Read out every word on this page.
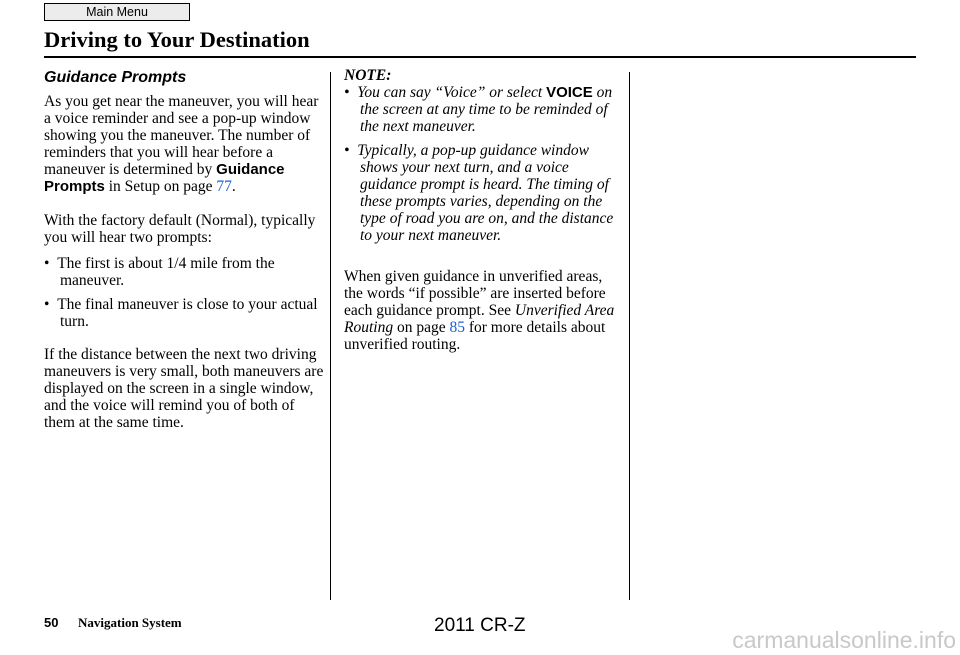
Main Menu
Driving to Your Destination
Guidance Prompts

As you get near the maneuver, you will hear a voice reminder and see a pop-up window showing you the maneuver. The number of reminders that you will hear before a maneuver is determined by Guidance Prompts in Setup on page 77.

With the factory default (Normal), typically you will hear two prompts:

•  The first is about 1/4 mile from the maneuver.
•  The final maneuver is close to your actual turn.

If the distance between the next two driving maneuvers is very small, both maneuvers are displayed on the screen in a single window, and the voice will remind you of both of them at the same time.

NOTE:

•  You can say “Voice” or select VOICE on the screen at any time to be reminded of the next maneuver.
•  Typically, a pop-up guidance window shows your next turn, and a voice guidance prompt is heard. The timing of these prompts varies, depending on the type of road you are on, and the distance to your next maneuver.

When given guidance in unverified areas, the words “if possible” are inserted before each guidance prompt. See Unverified Area Routing on page 85 for more details about unverified routing.

50 Navigation System	2011 CR-Z
carmanualsonline.info
